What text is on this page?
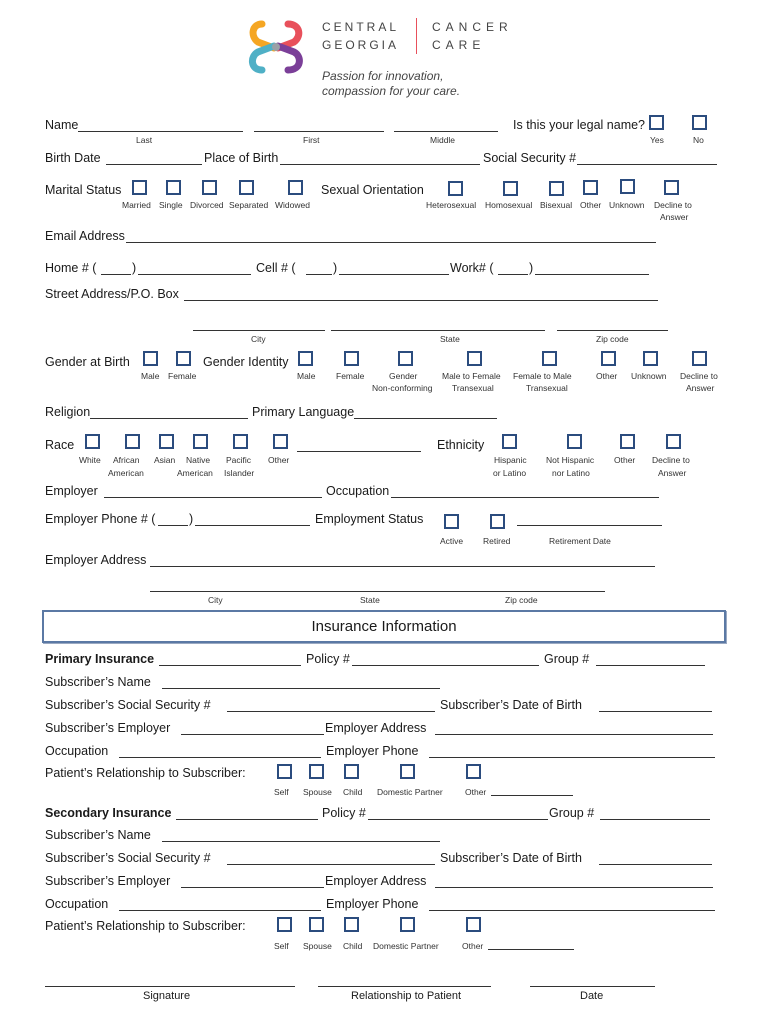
CENTRAL
GEORGIA
CANCER
CARE
Passion for innovation,
compassion for your care.
Name
Last	First	Middle
Is this your legal name?
Yes	No
Birth Date	Place of Birth	Social Security #
Marital Status
Married Single Divorced Separated Widowed
Sexual Orientation
Heterosexual Homosexual Bisexual Other Unknown Decline to
Answer
Email Address
Home # (	)	Cell # (	)	Work# (	)
Street Address/P.O. Box
City	State	Zip code
Gender at Birth
Male Female
Gender Identity
Male Female	Gender
Non-conforming
Male to Female
Transexual
Female to Male
Transexual
Other Unknown Decline to
Answer
Religion	Primary Language
Race
White African
American
Asian Native
American
Pacific
Islander
Other
Ethnicity
Hispanic
or Latino
Not Hispanic
nor Latino
Other Decline to
Answer
Employer	Occupation
Employer Phone # (	)	Employment Status
Active Retired	Retirement Date
Employer Address
City	State	Zip code
Insurance Information
Primary Insurance	Policy #	Group #
Subscriber’s Name
Subscriber’s Social Security #	Subscriber’s Date of Birth
Subscriber’s Employer	Employer Address
Occupation	Employer Phone
Patient’s Relationship to Subscriber:
Self Spouse Child Domestic Partner	Other
Secondary Insurance	Policy #	Group #
Subscriber’s Name
Subscriber’s Social Security #	Subscriber’s Date of Birth
Subscriber’s Employer	Employer Address
Occupation	Employer Phone
Patient’s Relationship to Subscriber:
Self Spouse Child Domestic Partner	Other
Signature	Relationship to Patient	Date
